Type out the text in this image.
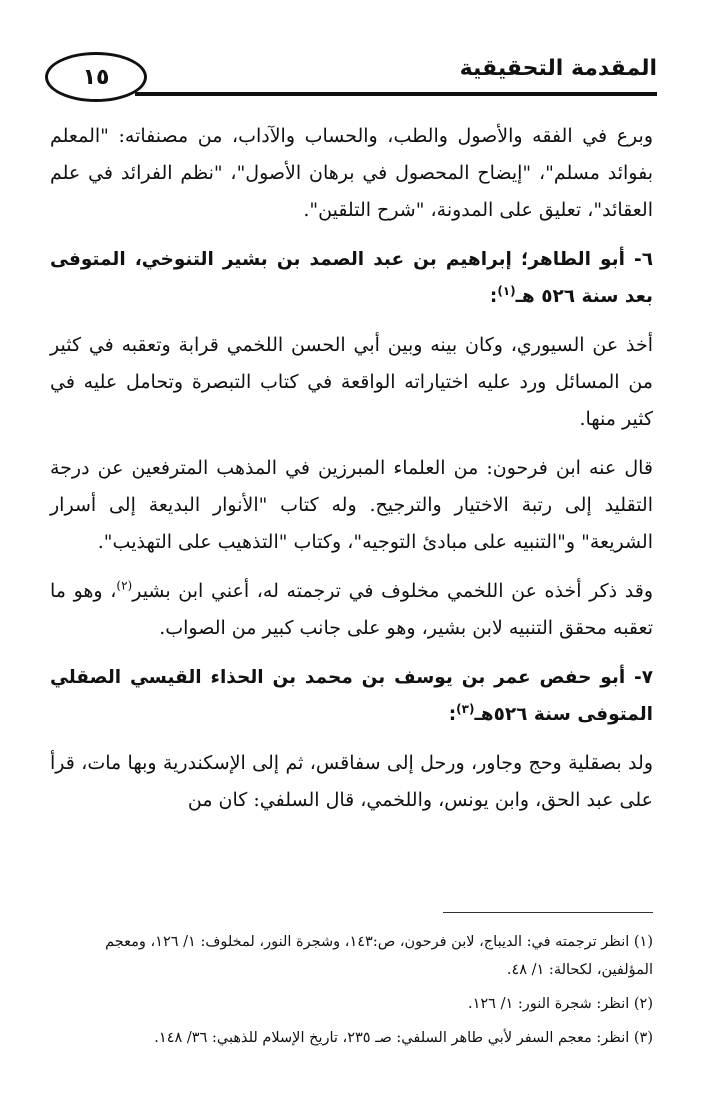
١٥	المقدمة التحقيقية

وبرع في الفقه والأصول والطب، والحساب والآداب، من مصنفاته: "المعلم بفوائد مسلم"، "إيضاح المحصول في برهان الأصول"، "نظم الفرائد في علم العقائد"، تعليق على المدونة، "شرح التلقين".

٦- أبو الطاهر؛ إبراهيم بن عبد الصمد بن بشير التنوخي، المتوفى بعد سنة ٥٢٦ هـ$^{(١)}$:

أخذ عن السيوري، وكان بينه وبين أبي الحسن اللخمي قرابة وتعقبه في كثير من المسائل ورد عليه اختياراته الواقعة في كتاب التبصرة وتحامل عليه في كثير منها.

قال عنه ابن فرحون: من العلماء المبرزين في المذهب المترفعين عن درجة التقليد إلى رتبة الاختيار والترجيح. وله كتاب "الأنوار البديعة إلى أسرار الشريعة" و"التنبيه على مبادئ التوجيه"، وكتاب "التذهيب على التهذيب".

وقد ذكر أخذه عن اللخمي مخلوف في ترجمته له، أعني ابن بشير$^{(٢)}$، وهو ما تعقبه محقق التنبيه لابن بشير، وهو على جانب كبير من الصواب.

٧- أبو حفص عمر بن يوسف بن محمد بن الحذاء القيسي الصقلي المتوفى سنة ٥٢٦هـ$^{(٣)}$:

ولد بصقلية وحج وجاور، ورحل إلى سفاقس، ثم إلى الإسكندرية وبها مات، قرأ على عبد الحق، وابن يونس، واللخمي، قال السلفي: كان من

(١) انظر ترجمته في: الديباج، لابن فرحون، ص:١٤٣، وشجرة النور، لمخلوف: ١/ ١٢٦، ومعجم المؤلفين، لكحالة: ١/ ٤٨.

(٢) انظر: شجرة النور: ١/ ١٢٦.

(٣) انظر: معجم السفر لأبي طاهر السلفي: صـ ٢٣٥، تاريخ الإسلام للذهبي: ٣٦/ ١٤٨.
